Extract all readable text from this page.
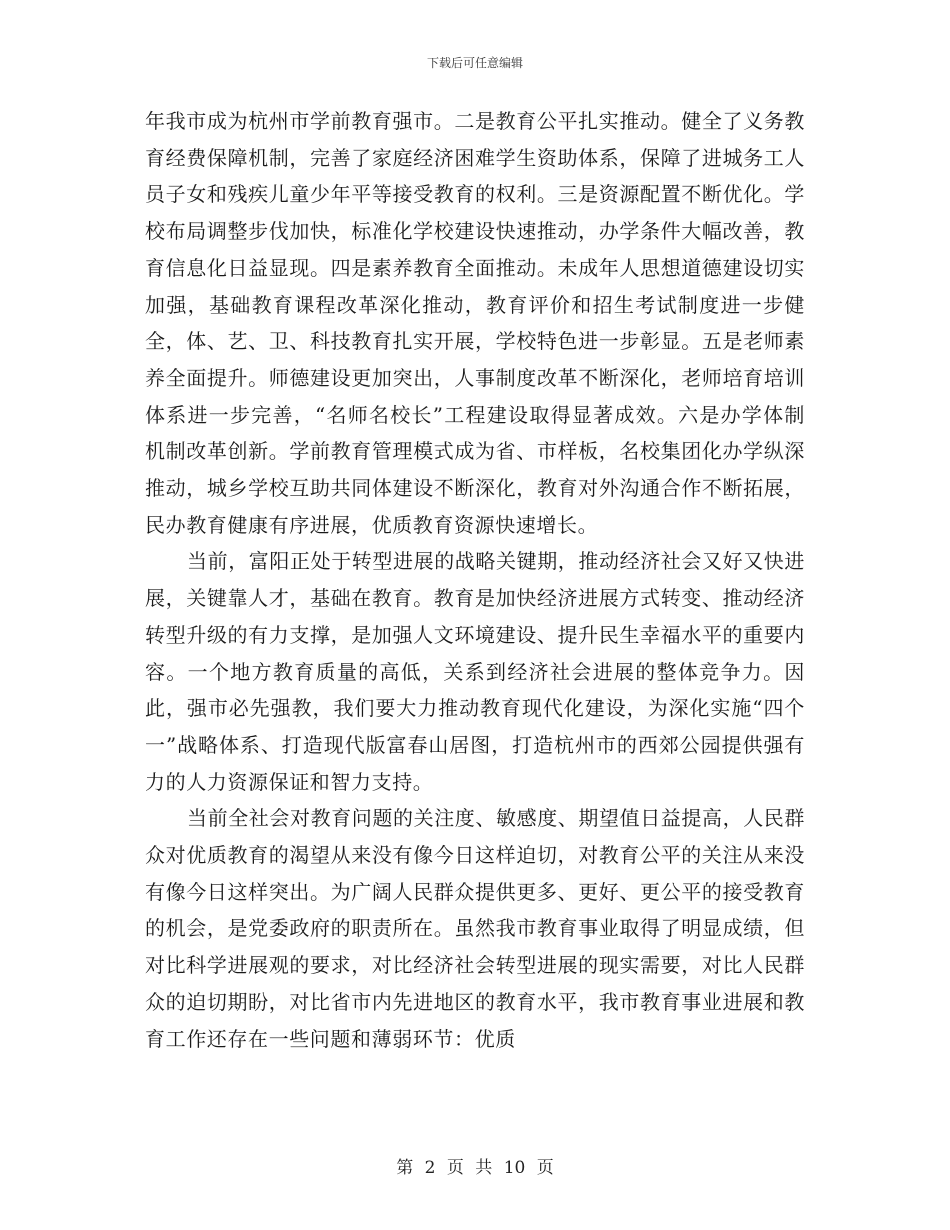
下载后可任意编辑

年我市成为杭州市学前教育强市。二是教育公平扎实推动。健全了义务教育经费保障机制，完善了家庭经济困难学生资助体系，保障了进城务工人员子女和残疾儿童少年平等接受教育的权利。三是资源配置不断优化。学校布局调整步伐加快，标准化学校建设快速推动，办学条件大幅改善，教育信息化日益显现。四是素养教育全面推动。未成年人思想道德建设切实加强，基础教育课程改革深化推动，教育评价和招生考试制度进一步健全，体、艺、卫、科技教育扎实开展，学校特色进一步彰显。五是老师素养全面提升。师德建设更加突出，人事制度改革不断深化，老师培育培训体系进一步完善，“名师名校长”工程建设取得显著成效。六是办学体制机制改革创新。学前教育管理模式成为省、市样板，名校集团化办学纵深推动，城乡学校互助共同体建设不断深化，教育对外沟通合作不断拓展，民办教育健康有序进展，优质教育资源快速增长。

当前，富阳正处于转型进展的战略关键期，推动经济社会又好又快进展，关键靠人才，基础在教育。教育是加快经济进展方式转变、推动经济转型升级的有力支撑，是加强人文环境建设、提升民生幸福水平的重要内容。一个地方教育质量的高低，关系到经济社会进展的整体竞争力。因此，强市必先强教，我们要大力推动教育现代化建设，为深化实施“四个一”战略体系、打造现代版富春山居图，打造杭州市的西郊公园提供强有力的人力资源保证和智力支持。

当前全社会对教育问题的关注度、敏感度、期望值日益提高，人民群众对优质教育的渴望从来没有像今日这样迫切，对教育公平的关注从来没有像今日这样突出。为广阔人民群众提供更多、更好、更公平的接受教育的机会，是党委政府的职责所在。虽然我市教育事业取得了明显成绩，但对比科学进展观的要求，对比经济社会转型进展的现实需要，对比人民群众的迫切期盼，对比省市内先进地区的教育水平，我市教育事业进展和教育工作还存在一些问题和薄弱环节：优质

第 2 页 共 10 页
